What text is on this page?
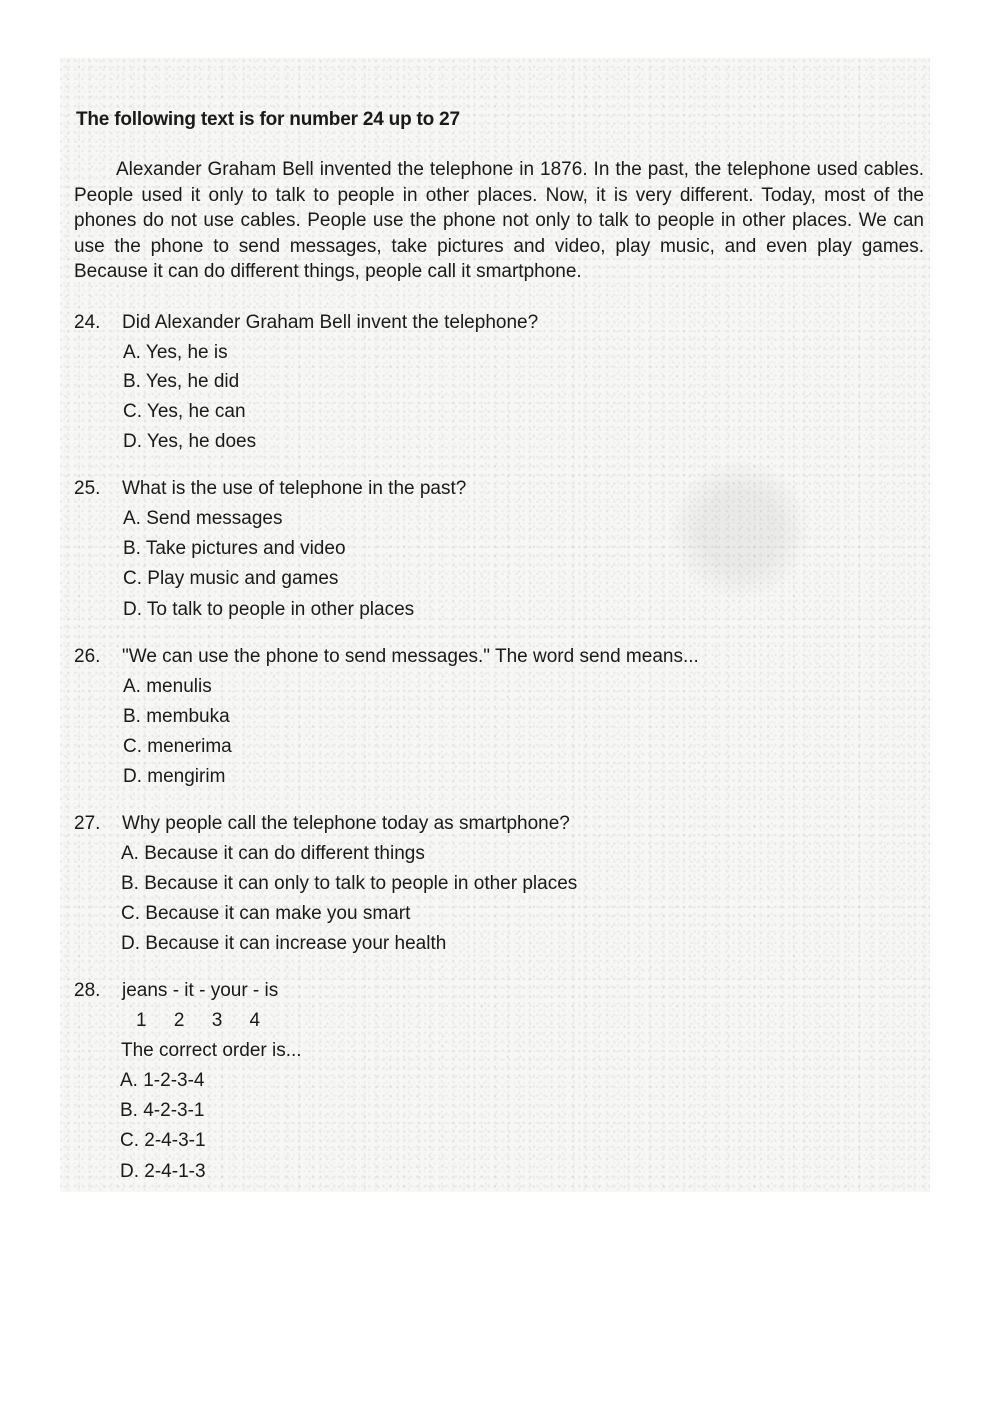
The following text is for number 24 up to 27

Alexander Graham Bell invented the telephone in 1876. In the past, the telephone used cables. People used it only to talk to people in other places. Now, it is very different. Today, most of the phones do not use cables. People use the phone not only to talk to people in other places. We can use the phone to send messages, take pictures and video, play music, and even play games. Because it can do different things, people call it smartphone.

24. Did Alexander Graham Bell invent the telephone?
A. Yes, he is
B. Yes, he did
C. Yes, he can
D. Yes, he does
25. What is the use of telephone in the past?
A. Send messages
B. Take pictures and video
C. Play music and games
D. To talk to people in other places
26. "We can use the phone to send messages." The word send means...
A. menulis
B. membuka
C. menerima
D. mengirim
27. Why people call the telephone today as smartphone?
A. Because it can do different things
B. Because it can only to talk to people in other places
C. Because it can make you smart
D. Because it can increase your health
28. jeans - it - your - is
1 2 3 4
The correct order is...
A. 1-2-3-4
B. 4-2-3-1
C. 2-4-3-1
D. 2-4-1-3
